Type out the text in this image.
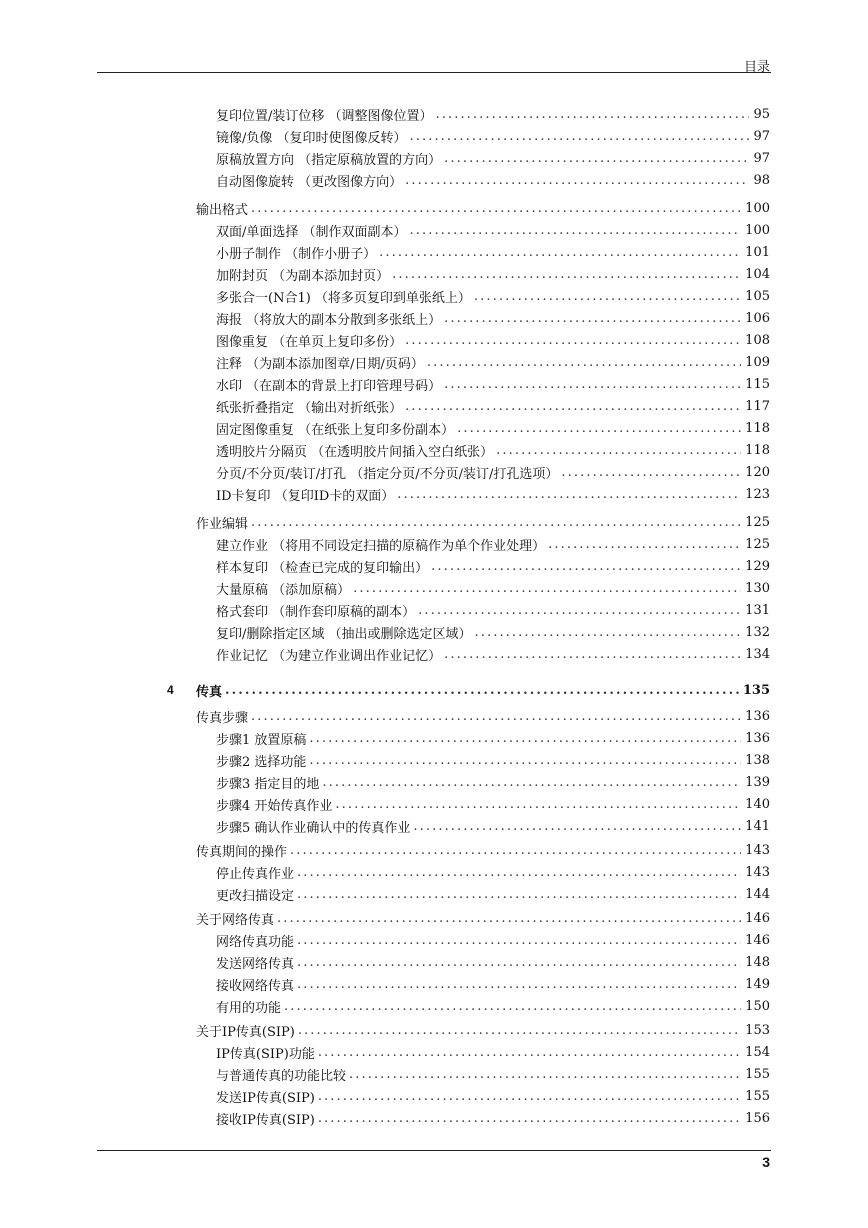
目录
复印位置/装订位移 （调整图像位置） .....	95
镜像/负像 （复印时使图像反转） .....	97
原稿放置方向 （指定原稿放置的方向） .....	97
自动图像旋转 （更改图像方向） .....	98
输出格式 .....	100
双面/单面选择 （制作双面副本） .....	100
小册子制作 （制作小册子） .....	101
加附封页 （为副本添加封页） .....	104
多张合一(N合1) （将多页复印到单张纸上） .....	105
海报 （将放大的副本分散到多张纸上） .....	106
图像重复 （在单页上复印多份） .....	108
注释 （为副本添加图章/日期/页码） .....	109
水印 （在副本的背景上打印管理号码） .....	115
纸张折叠指定 （输出对折纸张） .....	117
固定图像重复 （在纸张上复印多份副本） .....	118
透明胶片分隔页 （在透明胶片间插入空白纸张） .....	118
分页/不分页/装订/打孔 （指定分页/不分页/装订/打孔选项） .....	120
ID卡复印 （复印ID卡的双面） .....	123
作业编辑 .....	125
建立作业 （将用不同设定扫描的原稿作为单个作业处理） .....	125
样本复印 （检查已完成的复印输出） .....	129
大量原稿 （添加原稿） .....	130
格式套印 （制作套印原稿的副本） .....	131
复印/删除指定区域 （抽出或删除选定区域） .....	132
作业记忆 （为建立作业调出作业记忆） .....	134
4 传真 .....	135
传真步骤 .....	136
步骤1 放置原稿 .....	136
步骤2 选择功能 .....	138
步骤3 指定目的地 .....	139
步骤4 开始传真作业 .....	140
步骤5 确认作业确认中的传真作业 .....	141
传真期间的操作 .....	143
停止传真作业 .....	143
更改扫描设定 .....	144
关于网络传真 .....	146
网络传真功能 .....	146
发送网络传真 .....	148
接收网络传真 .....	149
有用的功能 .....	150
关于IP传真(SIP) .....	153
IP传真(SIP)功能 .....	154
与普通传真的功能比较 .....	155
发送IP传真(SIP) .....	155
接收IP传真(SIP) .....	156
3
